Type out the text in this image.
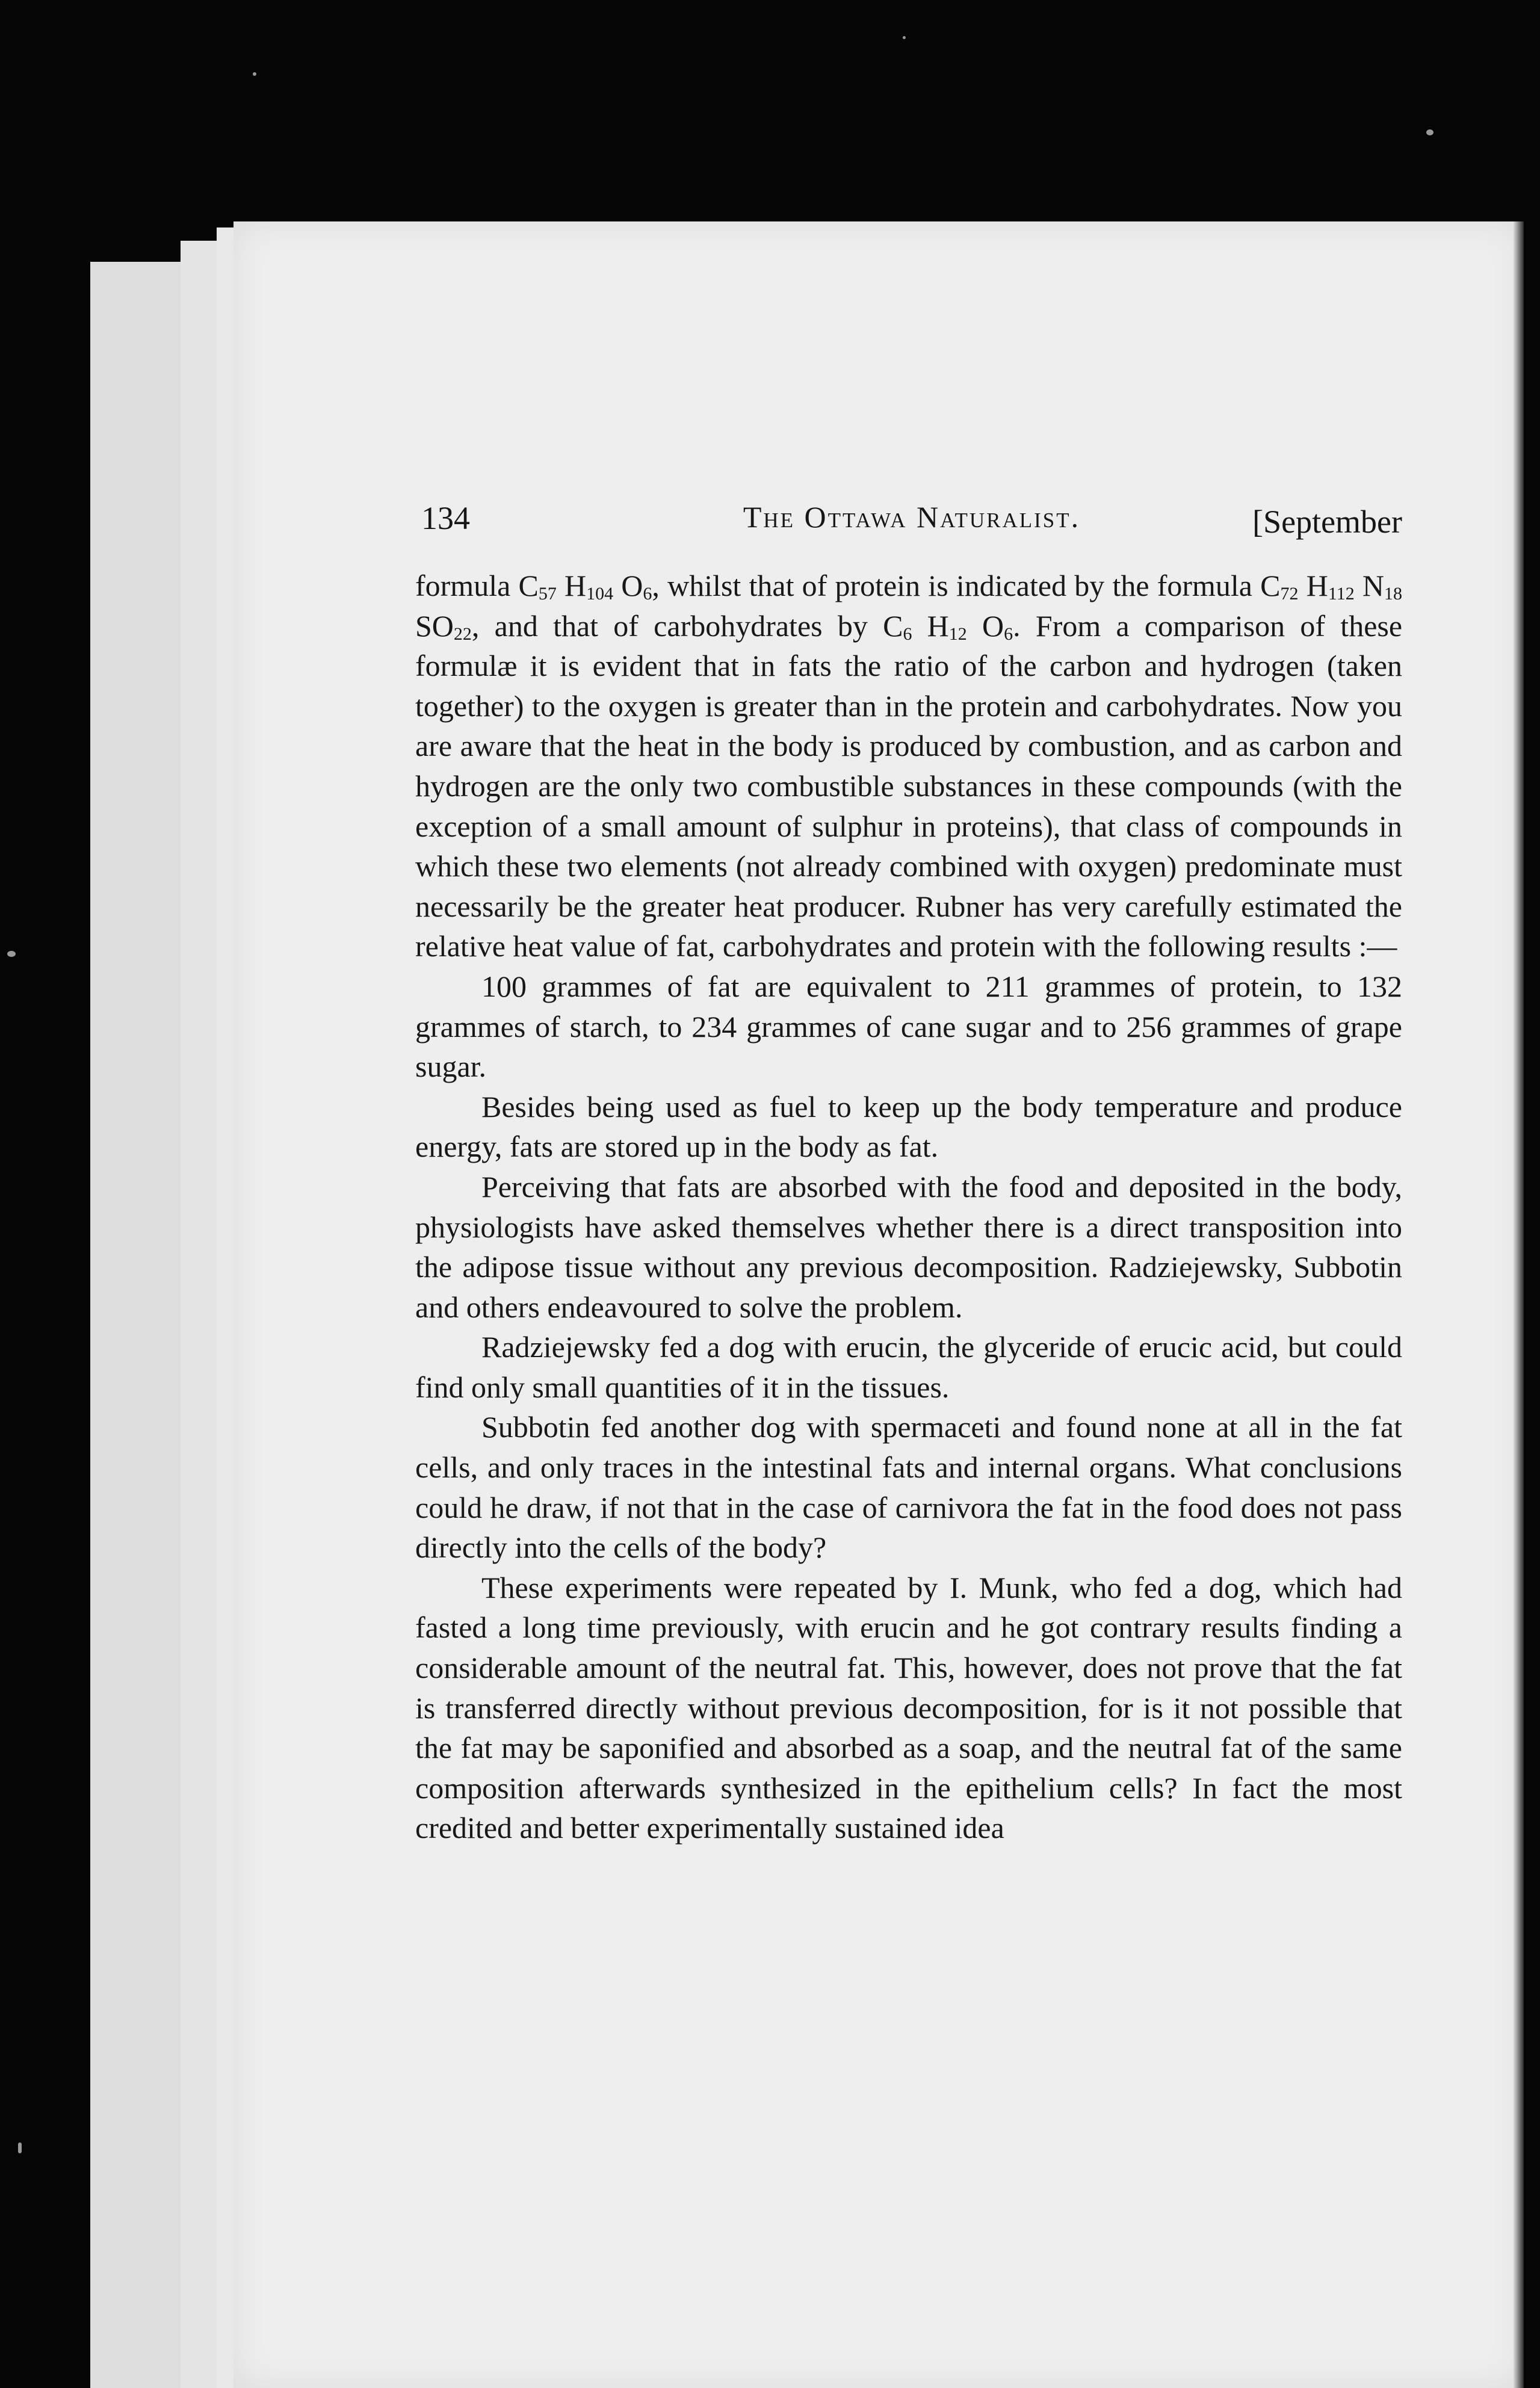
134	The Ottawa Naturalist.	[September

formula $C_{57}$ $H_{104}$ $O_6$, whilst that of protein is indicated by the formula $C_{72}$ $H_{112}$ $N_{18}$ $SO_{22}$, and that of carbohydrates by $C_6$ $H_{12}$ $O_6$. From a comparison of these formulæ it is evident that in fats the ratio of the carbon and hydrogen (taken together) to the oxygen is greater than in the protein and carbohydrates. Now you are aware that the heat in the body is produced by combustion, and as carbon and hydrogen are the only two combustible substances in these compounds (with the exception of a small amount of sulphur in proteins), that class of compounds in which these two elements (not already combined with oxygen) predominate must necessarily be the greater heat producer. Rubner has very carefully estimated the relative heat value of fat, carbohydrates and protein with the following results :—

100 grammes of fat are equivalent to 211 grammes of protein, to 132 grammes of starch, to 234 grammes of cane sugar and to 256 grammes of grape sugar.

Besides being used as fuel to keep up the body temperature and produce energy, fats are stored up in the body as fat.

Perceiving that fats are absorbed with the food and deposited in the body, physiologists have asked themselves whether there is a direct transposition into the adipose tissue without any previous decomposition. Radziejewsky, Subbotin and others endeavoured to solve the problem.

Radziejewsky fed a dog with erucin, the glyceride of erucic acid, but could find only small quantities of it in the tissues.

Subbotin fed another dog with spermaceti and found none at all in the fat cells, and only traces in the intestinal fats and internal organs. What conclusions could he draw, if not that in the case of carnivora the fat in the food does not pass directly into the cells of the body?

These experiments were repeated by I. Munk, who fed a dog, which had fasted a long time previously, with erucin and he got contrary results finding a considerable amount of the neutral fat. This, however, does not prove that the fat is transferred directly without previous decomposition, for is it not possible that the fat may be saponified and absorbed as a soap, and the neutral fat of the same composition afterwards synthesized in the epithelium cells? In fact the most credited and better experimentally sustained idea
